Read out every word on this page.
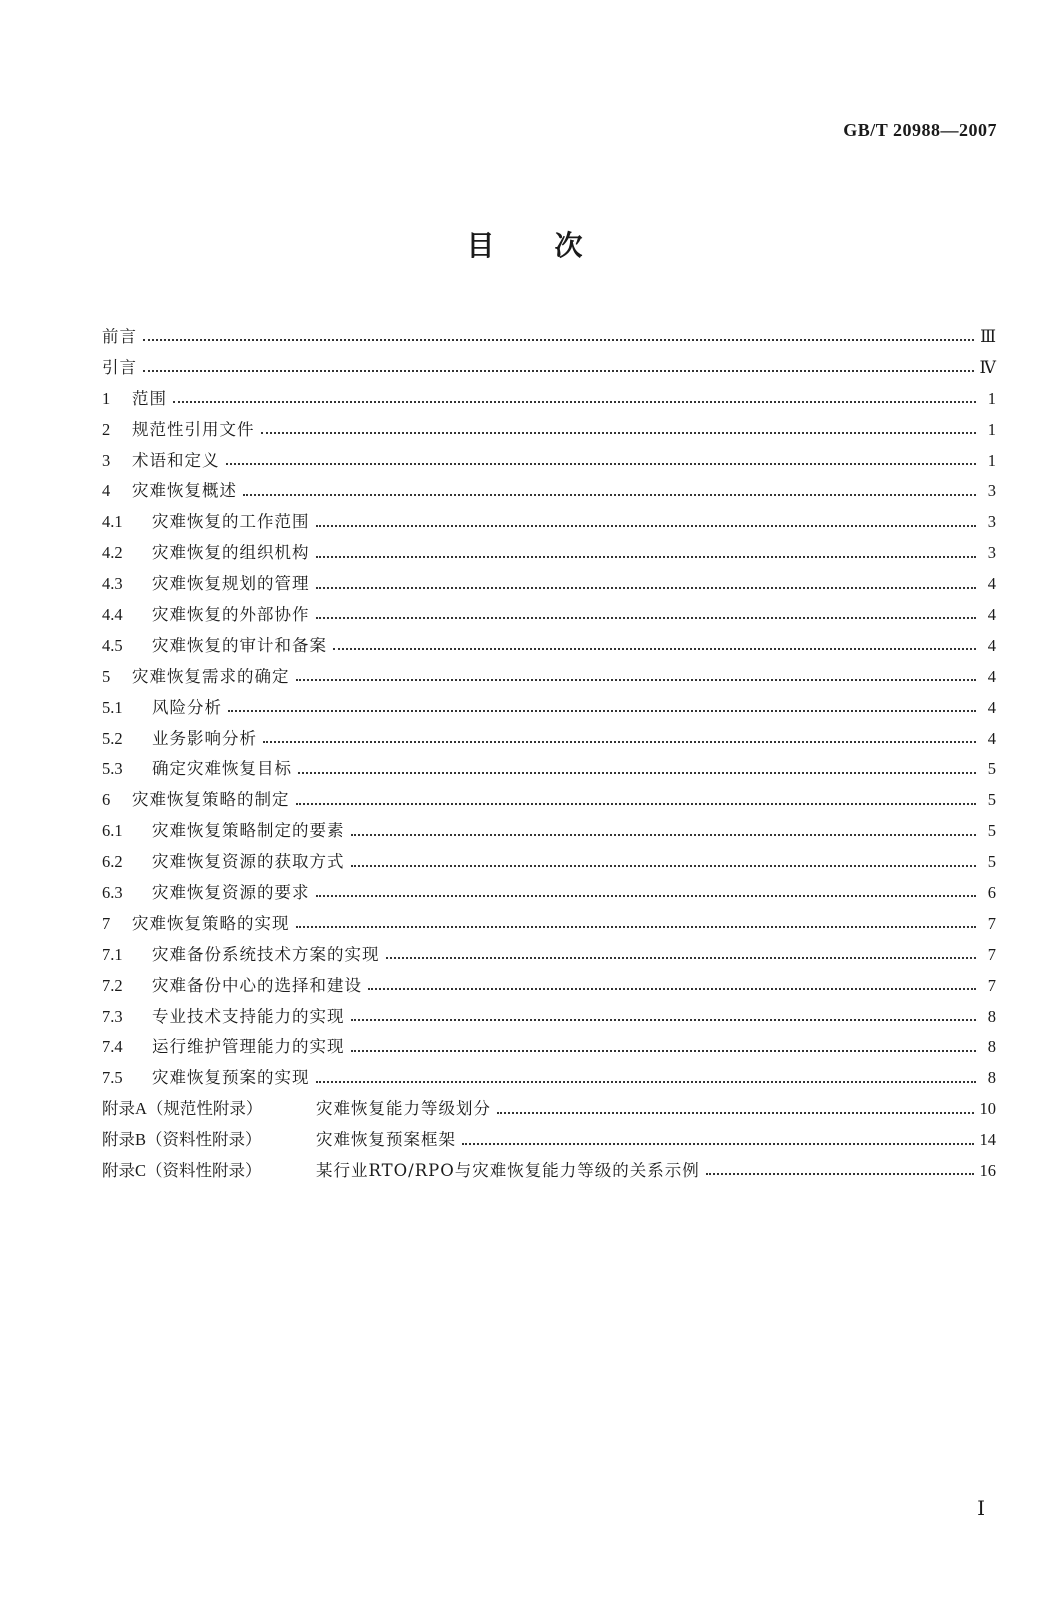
GB/T 20988—2007
目次
前言	Ⅲ
引言	Ⅳ
1	范围	1
2	规范性引用文件	1
3	术语和定义	1
4	灾难恢复概述	3
4.1	灾难恢复的工作范围	3
4.2	灾难恢复的组织机构	3
4.3	灾难恢复规划的管理	4
4.4	灾难恢复的外部协作	4
4.5	灾难恢复的审计和备案	4
5	灾难恢复需求的确定	4
5.1	风险分析	4
5.2	业务影响分析	4
5.3	确定灾难恢复目标	5
6	灾难恢复策略的制定	5
6.1	灾难恢复策略制定的要素	5
6.2	灾难恢复资源的获取方式	5
6.3	灾难恢复资源的要求	6
7	灾难恢复策略的实现	7
7.1	灾难备份系统技术方案的实现	7
7.2	灾难备份中心的选择和建设	7
7.3	专业技术支持能力的实现	8
7.4	运行维护管理能力的实现	8
7.5	灾难恢复预案的实现	8
附录A（规范性附录）	灾难恢复能力等级划分	10
附录B（资料性附录）	灾难恢复预案框架	14
附录C（资料性附录）	某行业RTO/RPO与灾难恢复能力等级的关系示例	16
Ⅰ
